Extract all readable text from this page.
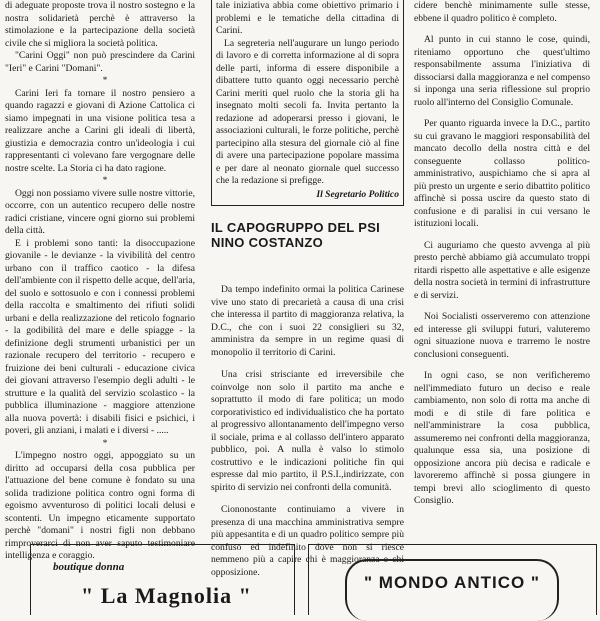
di adeguate proposte trova il nostro sostegno e la nostra solidarietà perchè è attraverso la stimolazione e la partecipazione della società civile che si migliora la società politica.

"Carini Oggi" non può prescindere da Carini "Ieri" e Carini "Domani".

*

Carini Ieri fa tornare il nostro pensiero a quando ragazzi e giovani di Azione Cattolica ci siamo impegnati in una visione politica tesa a realizzare anche a Carini gli ideali di libertà, giustizia e democrazia contro un'ideologia i cui rappresentanti ci volevano fare vergognare delle nostre scelte. La Storia ci ha dato ragione.

*

Oggi non possiamo vivere sulle nostre vittorie, occorre, con un autentico recupero delle nostre radici cristiane, vincere ogni giorno sui problemi della città.

E i problemi sono tanti: la disoccupazione giovanile - le devianze - la vivibilità del centro urbano con il traffico caotico - la difesa dell'ambiente con il rispetto delle acque, dell'aria, del suolo e sottosuolo e con i connessi problemi della raccolta e smaltimento dei rifiuti solidi urbani e della realizzazione del reticolo fognario - la godibilità del mare e delle spiagge - la definizione degli strumenti urbanistici per un razionale recupero del territorio - recupero e fruizione dei beni culturali - educazione civica dei giovani attraverso l'esempio degli adulti - le strutture e la qualità del servizio scolastico - la pubblica illuminazione - maggiore attenzione alla nuova povertà: i disabili fisici e psichici, i poveri, gli anziani, i malati e i diversi - .....

*

L'impegno nostro oggi, appoggiato su un diritto ad occuparsi della cosa pubblica per l'attuazione del bene comune è fondato su una solida tradizione politica contro ogni forma di egoismo avventuroso di politici locali delusi e scontenti. Un impegno eticamente supportato perchè "domani" i nostri figli non debbano rimproverarci di non aver saputo testimoniare intelligenza e coraggio.

tale iniziativa abbia come obiettivo primario i problemi e le tematiche della cittadina di Carini.

La segreteria nell'augurare un lungo periodo di lavoro e di corretta informazione al di sopra delle parti, informa di essere disponibile a dibattere tutto quanto oggi necessario perchè Carini meriti quel ruolo che la storia gli ha insegnato molti secoli fa. Invita pertanto la redazione ad adoperarsi presso i giovani, le associazioni culturali, le forze politiche, perchè partecipino alla stesura del giornale ciò al fine di avere una partecipazione popolare massima e per dare al neonato giornale quel successo che la redazione si prefigge.

Il Segretario Politico
IL CAPOGRUPPO DEL PSI
NINO COSTANZO

Da tempo indefinito ormai la politica Carinese vive uno stato di precarietà a causa di una crisi che interessa il partito di maggioranza relativa, la D.C., che con i suoi 22 consiglieri su 32, amministra da sempre in un regime quasi di monopolio il territorio di Carini.

Una crisi strisciante ed irreversibile che coinvolge non solo il partito ma anche e soprattutto il modo di fare politica; un modo corporativistico ed individualistico che ha portato al progressivo allontanamento dell'impegno verso il sociale, prima e al collasso dell'intero apparato pubblico, poi. A nulla è valso lo stimolo costruttivo e le indicazioni politiche fin qui espresse dal mio partito, il P.S.I.,indirizzate, con spirito di servizio nei confronti della comunità.

Ciononostante continuiamo a vivere in presenza di una macchina amministrativa sempre più appesantita e di un quadro politico sempre più confuso ed indefinito dove non si riesce nemmeno più a capire chi è maggioranza e chi opposizione.

cidere benchè minimamente sulle stesse, ebbene il quadro politico è completo.

Al punto in cui stanno le cose, quindi, riteniamo opportuno che quest'ultimo responsabilmente assuma l'iniziativa di dissociarsi dalla maggioranza e nel compenso si inponga una seria riflessione sul proprio ruolo all'interno del Consiglio Comunale.

Per quanto riguarda invece la D.C., partito su cui gravano le maggiori responsabilità del mancato decollo della nostra città e del conseguente collasso politico-amministrativo, auspichiamo che si apra al più presto un urgente e serio dibattito politico affinchè si possa uscire da questo stato di confusione e di paralisi in cui versano le istituzioni locali.

Ci auguriamo che questo avvenga al più presto perchè abbiamo già accumulato troppi ritardi rispetto alle aspettative e alle esigenze della nostra società in termini di infrastrutture e di servizi.

Noi Socialisti osserveremo con attenzione ed interesse gli sviluppi futuri, valuteremo ogni situazione nuova e trarremo le nostre conclusioni conseguenti.

In ogni caso, se non verificheremo nell'immediato futuro un deciso e reale cambiamento, non solo di rotta ma anche di modi e di stile di fare politica e nell'amministrare la cosa pubblica, assumeremo nei confronti della maggioranza, qualunque essa sia, una posizione di opposizione ancora più decisa e radicale e lavoreremo affinchè si possa giungere in tempi brevi allo scioglimento di questo Consiglio.

boutique donna
" La Magnolia "
" MONDO ANTICO "
